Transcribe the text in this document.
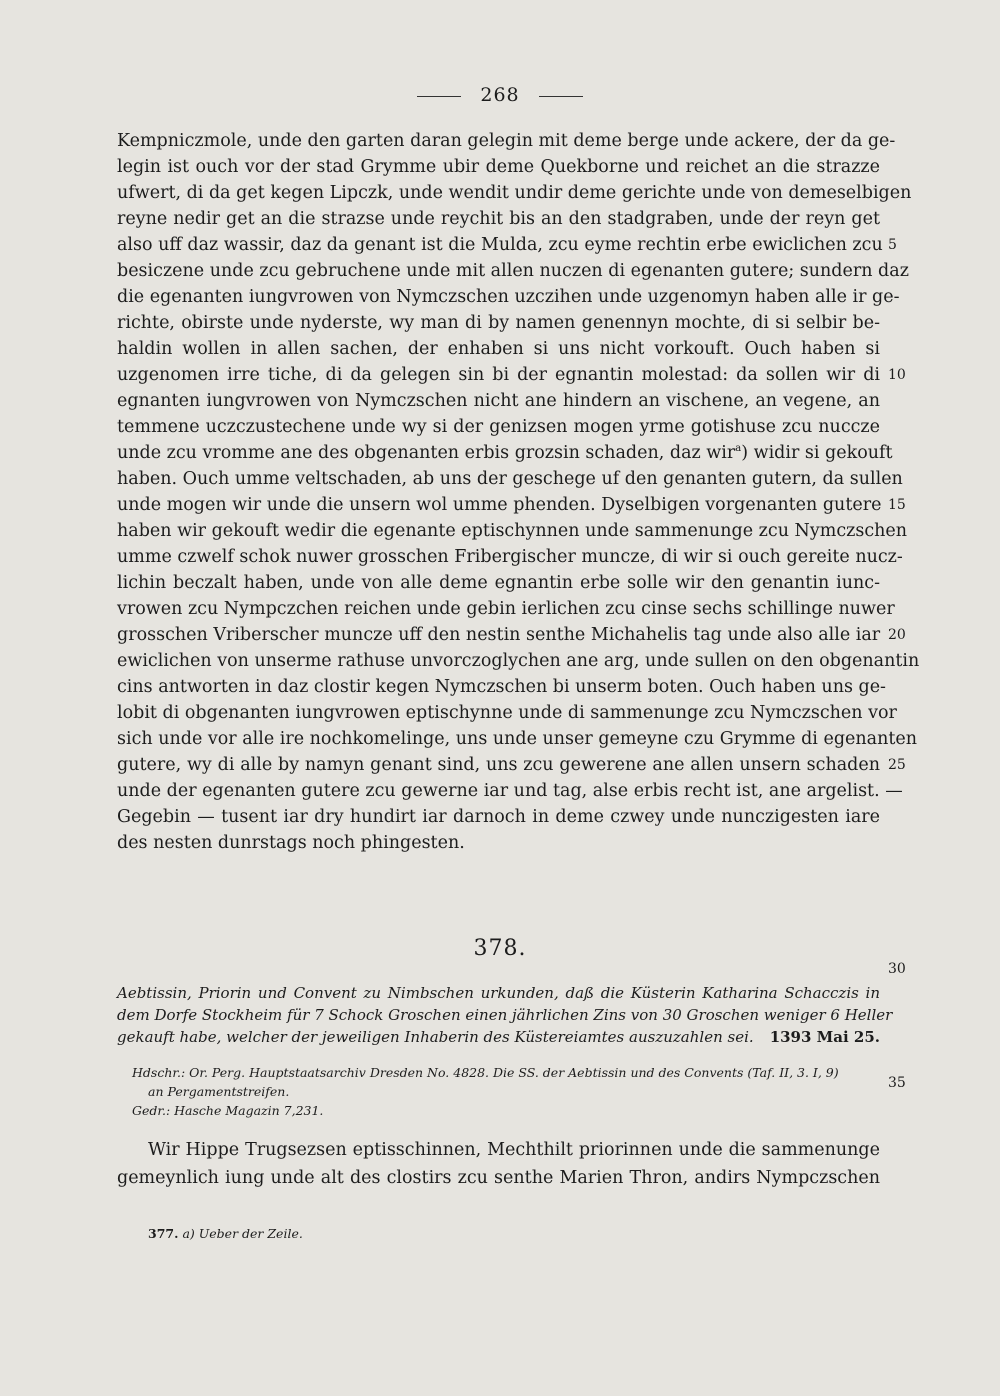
268
Kempniczmole, unde den garten daran gelegin mit deme berge unde ackere, der da ge-
legin ist ouch vor der stad Grymme ubir deme Quekborne und reichet an die strazze
ufwert, di da get kegen Lipczk, unde wendit undir deme gerichte unde von demeselbigen
reyne nedir get an die strazse unde reychit bis an den stadgraben, unde der reyn get
also uff daz wassir, daz da genant ist die Mulda, zcu eyme rechtin erbe ewiclichen zcu
besiczene unde zcu gebruchene unde mit allen nuczen di egenanten gutere; sundern daz
die egenanten iungvrowen von Nymczschen uzczihen unde uzgenomyn haben alle ir ge-
richte, obirste unde nyderste, wy man di by namen genennyn mochte, di si selbir be-
haldin wollen in allen sachen, der enhaben si uns nicht vorkouft. Ouch haben si
uzgenomen irre tiche, di da gelegen sin bi der egnantin molestad: da sollen wir di
egnanten iungvrowen von Nymczschen nicht ane hindern an vischene, an vegene, an
temmene uczczustechene unde wy si der genizsen mogen yrme gotishuse zcu nuccze
unde zcu vromme ane des obgenanten erbis grozsin schaden, daz wir$^a$) widir si gekouft
haben. Ouch umme veltschaden, ab uns der geschege uf den genanten gutern, da sullen
unde mogen wir unde die unsern wol umme phenden. Dyselbigen vorgenanten gutere
haben wir gekouft wedir die egenante eptischynnen unde sammenunge zcu Nymczschen
umme czwelf schok nuwer grosschen Fribergischer muncze, di wir si ouch gereite nucz-
lichin beczalt haben, unde von alle deme egnantin erbe solle wir den genantin iunc-
vrowen zcu Nympczchen reichen unde gebin ierlichen zcu cinse sechs schillinge nuwer
grosschen Vriberscher muncze uff den nestin senthe Michahelis tag unde also alle iar
ewiclichen von unserme rathuse unvorczoglychen ane arg, unde sullen on den obgenantin
cins antworten in daz clostir kegen Nymczschen bi unserm boten. Ouch haben uns ge-
lobit di obgenanten iungvrowen eptischynne unde di sammenunge zcu Nymczschen vor
sich unde vor alle ire nochkomelinge, uns unde unser gemeyne czu Grymme di egenanten
gutere, wy di alle by namyn genant sind, uns zcu gewerene ane allen unsern schaden
unde der egenanten gutere zcu gewerne iar und tag, alse erbis recht ist, ane argelist. —
Gegebin — tusent iar dry hundirt iar darnoch in deme czwey unde nunczigesten iare
des nesten dunrstags noch phingesten.
5
10
15
20
25
30
35
378.
Aebtissin, Priorin und Convent zu Nimbschen urkunden, daß die Küsterin Katharina Schacczis in
dem Dorfe Stockheim für 7 Schock Groschen einen jährlichen Zins von 30 Groschen weniger 6 Heller
gekauft habe, welcher der jeweiligen Inhaberin des Küstereiamtes auszuzahlen sei. 1393 Mai 25.
Hdschr.: Or. Perg. Hauptstaatsarchiv Dresden No. 4828. Die SS. der Aebtissin und des Convents (Taf. II, 3. I, 9)
an Pergamentstreifen.
Gedr.: Hasche Magazin 7,231.
Wir Hippe Trugsezsen eptisschinnen, Mechthilt priorinnen unde die sammenunge
gemeynlich iung unde alt des clostirs zcu senthe Marien Thron, andirs Nympczschen
377. a) Ueber der Zeile.
